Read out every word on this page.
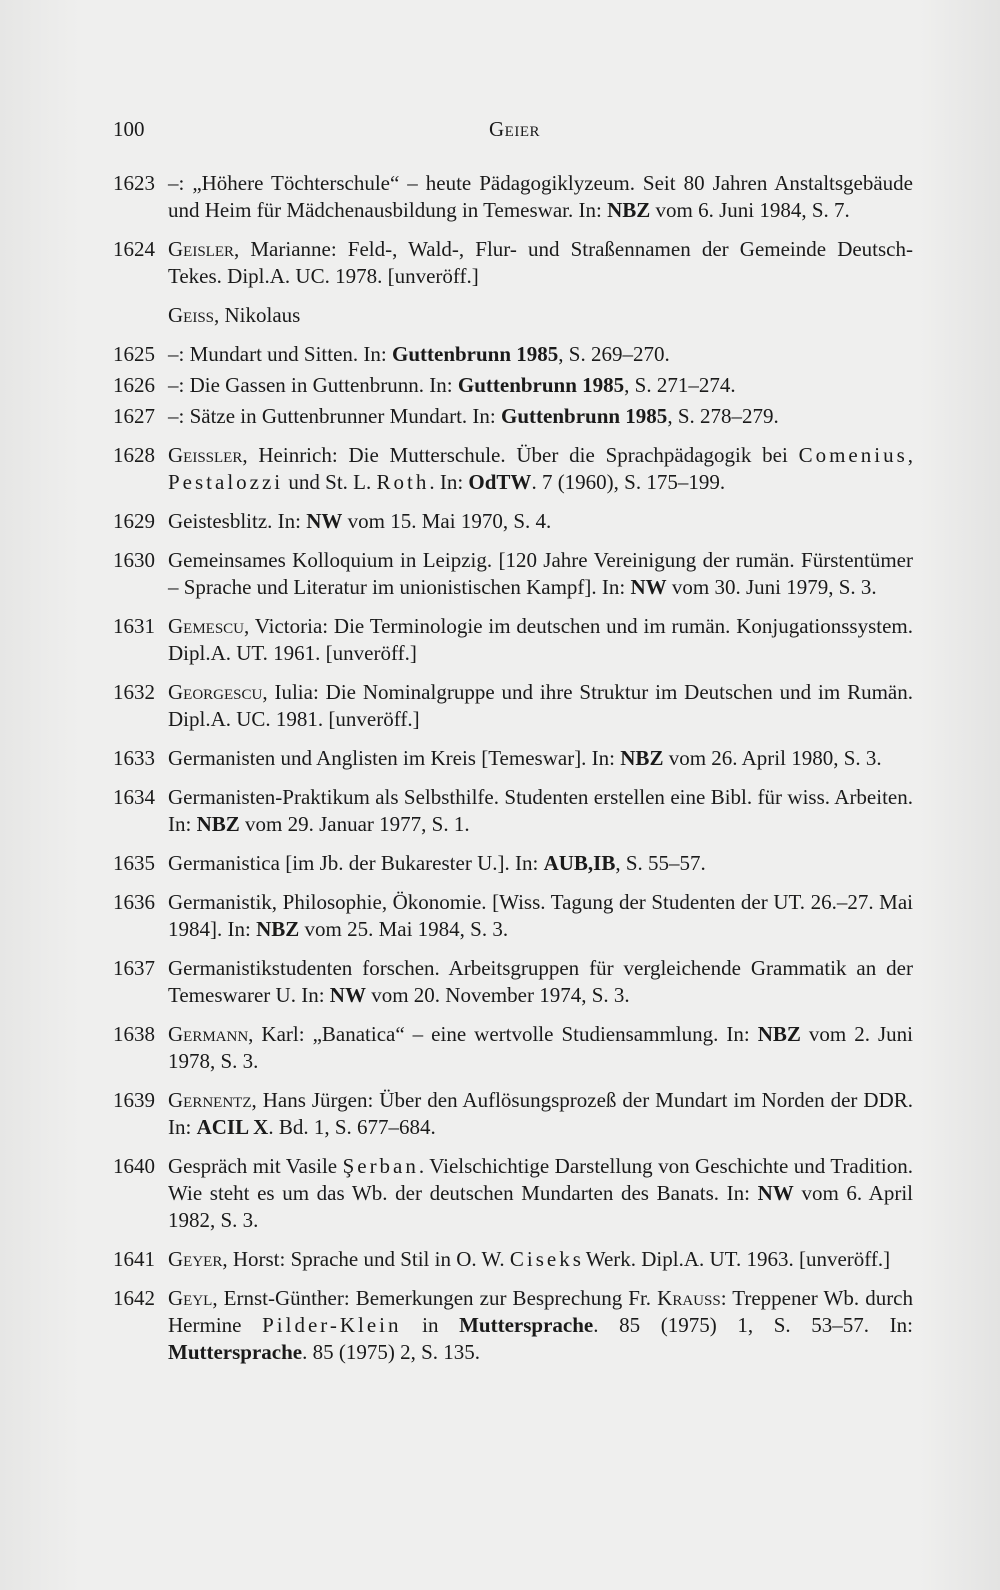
100	Geier
1623 –: „Höhere Töchterschule“ – heute Pädagogiklyzeum. Seit 80 Jahren Anstaltsgebäude und Heim für Mädchenausbildung in Temeswar. In: NBZ vom 6. Juni 1984, S. 7.
1624 Geisler, Marianne: Feld-, Wald-, Flur- und Straßennamen der Gemeinde Deutsch-Tekes. Dipl.A. UC. 1978. [unveröff.]
Geiss, Nikolaus
1625 –: Mundart und Sitten. In: Guttenbrunn 1985, S. 269–270.
1626 –: Die Gassen in Guttenbrunn. In: Guttenbrunn 1985, S. 271–274.
1627 –: Sätze in Guttenbrunner Mundart. In: Guttenbrunn 1985, S. 278–279.
1628 Geissler, Heinrich: Die Mutterschule. Über die Sprachpädagogik bei Comenius, Pestalozzi und St. L. Roth. In: OdTW. 7 (1960), S. 175–199.
1629 Geistesblitz. In: NW vom 15. Mai 1970, S. 4.
1630 Gemeinsames Kolloquium in Leipzig. [120 Jahre Vereinigung der rumän. Fürstentümer – Sprache und Literatur im unionistischen Kampf]. In: NW vom 30. Juni 1979, S. 3.
1631 Gemescu, Victoria: Die Terminologie im deutschen und im rumän. Konjugationssystem. Dipl.A. UT. 1961. [unveröff.]
1632 Georgescu, Iulia: Die Nominalgruppe und ihre Struktur im Deutschen und im Rumän. Dipl.A. UC. 1981. [unveröff.]
1633 Germanisten und Anglisten im Kreis [Temeswar]. In: NBZ vom 26. April 1980, S. 3.
1634 Germanisten-Praktikum als Selbsthilfe. Studenten erstellen eine Bibl. für wiss. Arbeiten. In: NBZ vom 29. Januar 1977, S. 1.
1635 Germanistica [im Jb. der Bukarester U.]. In: AUB,IB, S. 55–57.
1636 Germanistik, Philosophie, Ökonomie. [Wiss. Tagung der Studenten der UT. 26.–27. Mai 1984]. In: NBZ vom 25. Mai 1984, S. 3.
1637 Germanistikstudenten forschen. Arbeitsgruppen für vergleichende Grammatik an der Temeswarer U. In: NW vom 20. November 1974, S. 3.
1638 Germann, Karl: „Banatica“ – eine wertvolle Studiensammlung. In: NBZ vom 2. Juni 1978, S. 3.
1639 Gernentz, Hans Jürgen: Über den Auflösungsprozeß der Mundart im Norden der DDR. In: ACIL X. Bd. 1, S. 677–684.
1640 Gespräch mit Vasile Şerban. Vielschichtige Darstellung von Geschichte und Tradition. Wie steht es um das Wb. der deutschen Mundarten des Banats. In: NW vom 6. April 1982, S. 3.
1641 Geyer, Horst: Sprache und Stil in O. W. Ciseks Werk. Dipl.A. UT. 1963. [unveröff.]
1642 Geyl, Ernst-Günther: Bemerkungen zur Besprechung Fr. Krauss: Treppener Wb. durch Hermine Pilder-Klein in Muttersprache. 85 (1975) 1, S. 53–57. In: Muttersprache. 85 (1975) 2, S. 135.
